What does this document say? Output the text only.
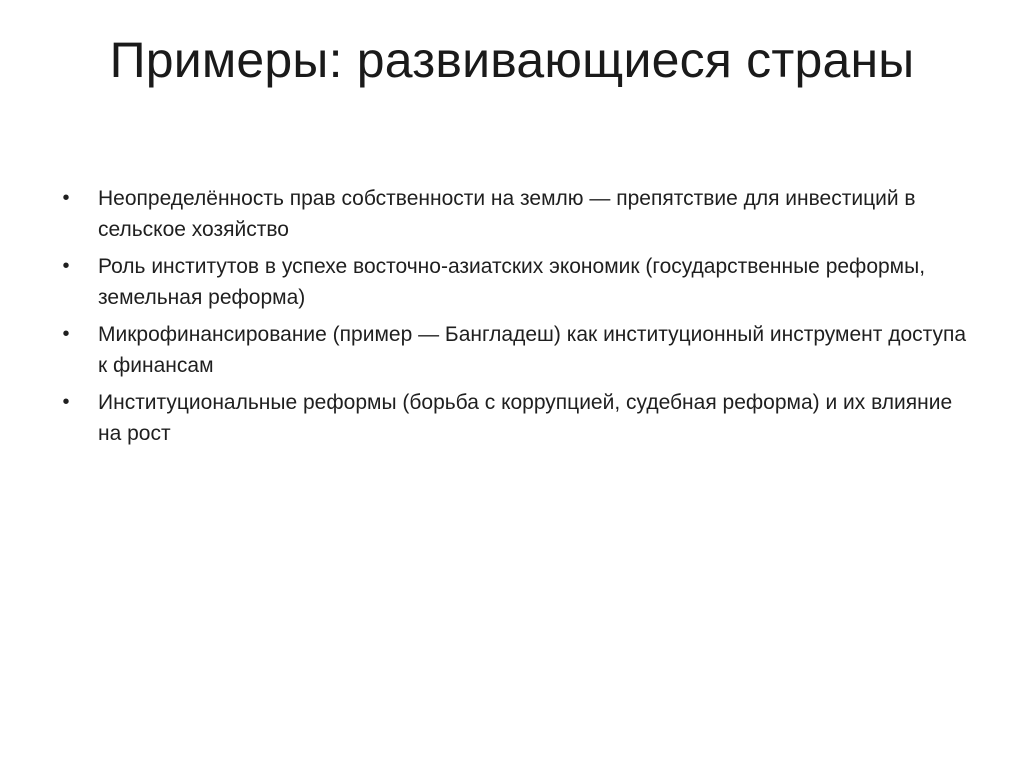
Примеры: развивающиеся страны
• Неопределённость прав собственности на землю — препятствие для инвестиций в сельское хозяйство
• Роль институтов в успехе восточно-азиатских экономик (государственные реформы, земельная реформа)
• Микрофинансирование (пример — Бангладеш) как институционный инструмент доступа к финансам
• Институциональные реформы (борьба с коррупцией, судебная реформа) и их влияние на рост
